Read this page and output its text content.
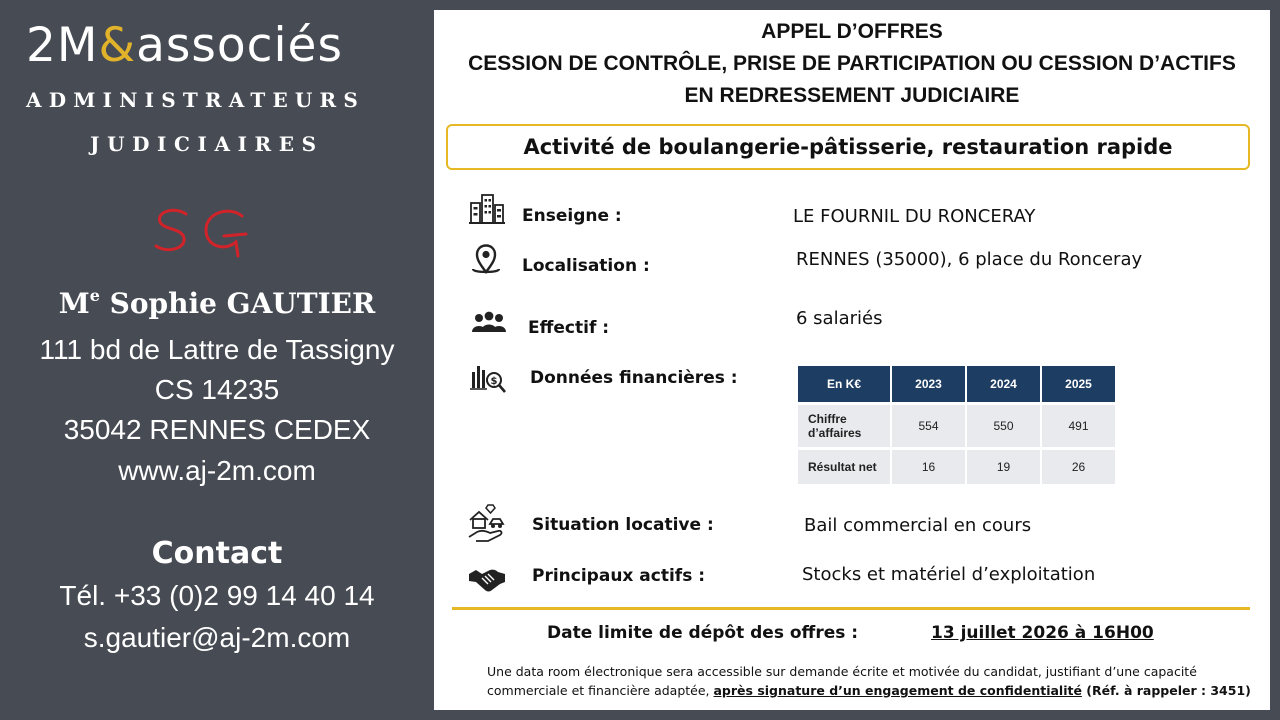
2M&associés
ADMINISTRATEURS
JUDICIAIRES
Me Sophie GAUTIER
111 bd de Lattre de Tassigny
CS 14235
35042 RENNES CEDEX
www.aj-2m.com
Contact
Tél. +33 (0)2 99 14 40 14
s.gautier@aj-2m.com
APPEL D’OFFRES
CESSION DE CONTRÔLE, PRISE DE PARTICIPATION OU CESSION D’ACTIFS
EN REDRESSEMENT JUDICIAIRE
Activité de boulangerie-pâtisserie, restauration rapide
Enseigne :	LE FOURNIL DU RONCERAY
Localisation :	RENNES (35000), 6 place du Ronceray
Effectif :	6 salariés
$ Données financières :	En K€	2023	2024	2025
Chiffre
d’affaires	554	550	491
Résultat net	16	19	26
Situation locative :	Bail commercial en cours
Principaux actifs :	Stocks et matériel d’exploitation
Date limite de dépôt des offres :	13 juillet 2026 à 16H00
Une data room électronique sera accessible sur demande écrite et motivée du candidat, justifiant d’une capacité commerciale et financière adaptée, après signature d’un engagement de confidentialité (Réf. à rappeler : 3451)
